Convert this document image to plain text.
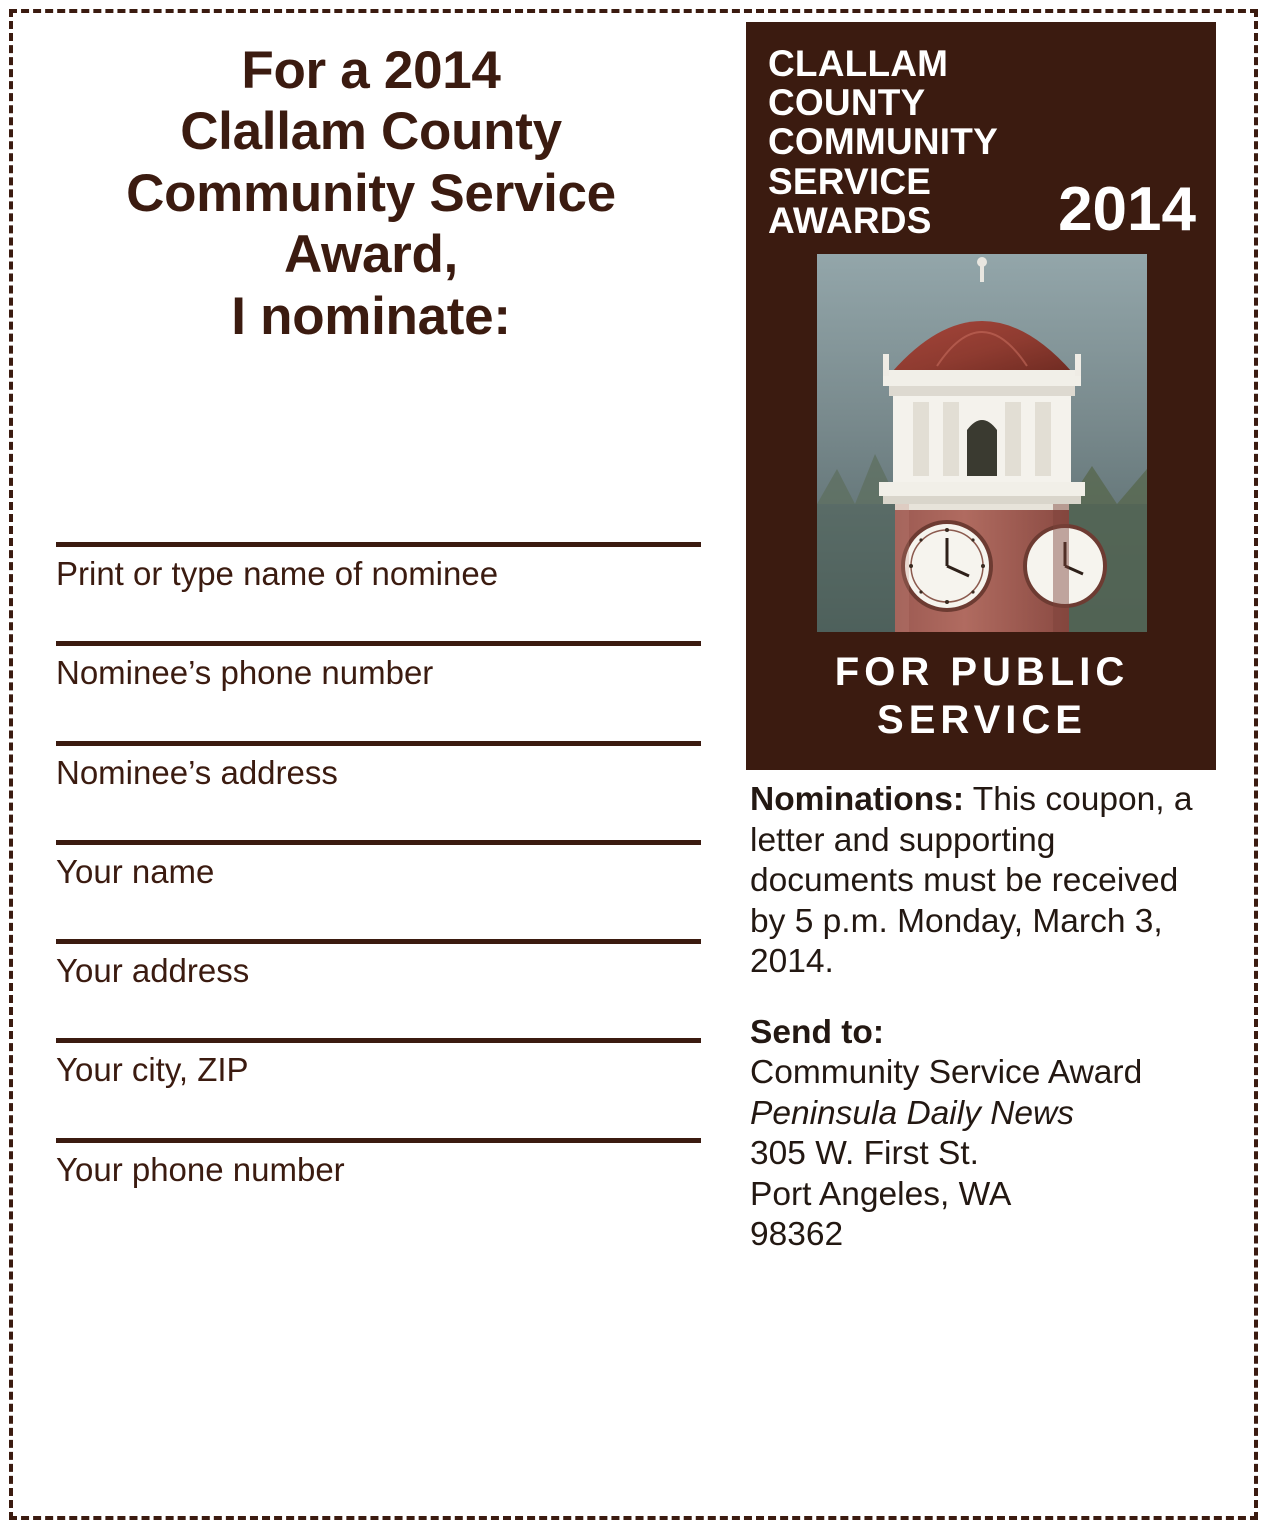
For a 2014
Clallam County
Community Service
Award,
I nominate:
Print or type name of nominee
Nominee’s phone number
Nominee’s address
Your name
Your address
Your city, ZIP
Your phone number
CLALLAM COUNTY COMMUNITY SERVICE AWARDS	2014
FOR PUBLIC SERVICE

Nominations: This coupon, a letter and supporting documents must be received by 5 p.m. Monday, March 3, 2014.

Send to:

Community Service Award

Peninsula Daily News

305 W. First St.

Port Angeles, WA

98362
